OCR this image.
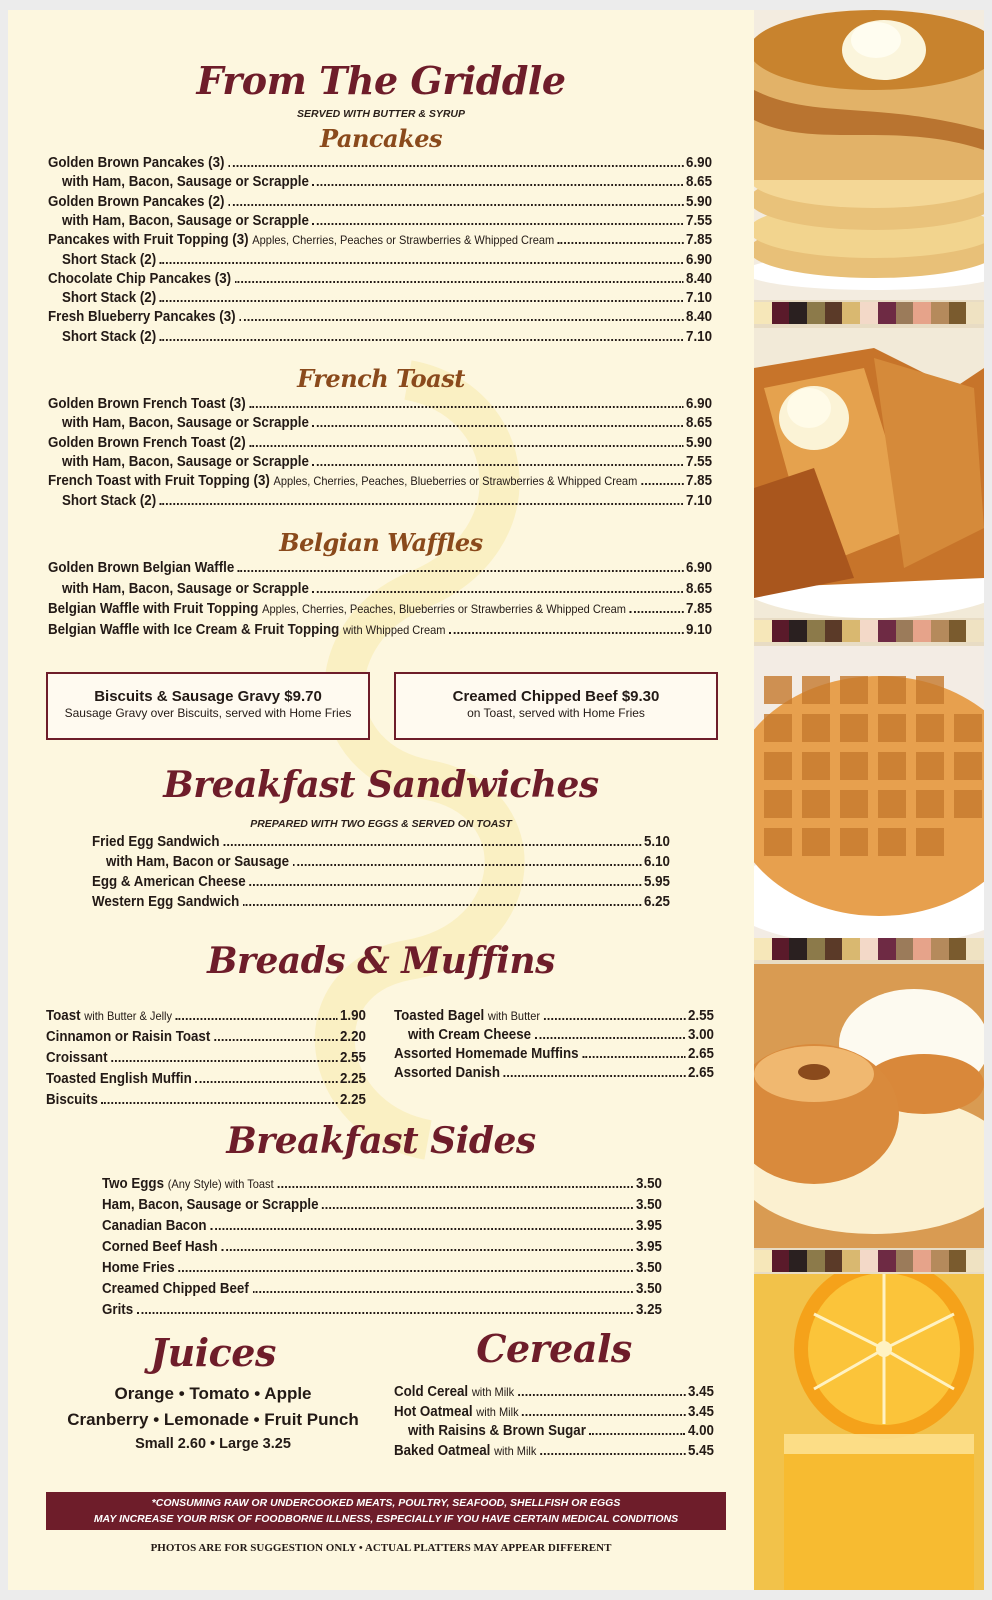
From The Griddle
SERVED WITH BUTTER & SYRUP
Pancakes
Golden Brown Pancakes (3)	6.90
with Ham, Bacon, Sausage or Scrapple	8.65
Golden Brown Pancakes (2)	5.90
with Ham, Bacon, Sausage or Scrapple	7.55
Pancakes with Fruit Topping (3) Apples, Cherries, Peaches or Strawberries & Whipped Cream	7.85
Short Stack (2)	6.90
Chocolate Chip Pancakes (3)	8.40
Short Stack (2)	7.10
Fresh Blueberry Pancakes (3)	8.40
Short Stack (2)	7.10
French Toast
Golden Brown French Toast (3)	6.90
with Ham, Bacon, Sausage or Scrapple	8.65
Golden Brown French Toast (2)	5.90
with Ham, Bacon, Sausage or Scrapple	7.55
French Toast with Fruit Topping (3) Apples, Cherries, Peaches, Blueberries or Strawberries & Whipped Cream	7.85
Short Stack (2)	7.10
Belgian Waffles
Golden Brown Belgian Waffle	6.90
with Ham, Bacon, Sausage or Scrapple	8.65
Belgian Waffle with Fruit Topping Apples, Cherries, Peaches, Blueberries or Strawberries & Whipped Cream	7.85
Belgian Waffle with Ice Cream & Fruit Topping with Whipped Cream	9.10
Biscuits & Sausage Gravy $9.70
Sausage Gravy over Biscuits, served with Home Fries
Creamed Chipped Beef $9.30
on Toast, served with Home Fries
Breakfast Sandwiches
PREPARED WITH TWO EGGS & SERVED ON TOAST
Fried Egg Sandwich	5.10
with Ham, Bacon or Sausage	6.10
Egg & American Cheese	5.95
Western Egg Sandwich	6.25
Breads & Muffins
Toast with Butter & Jelly	1.90
Cinnamon or Raisin Toast	2.20
Croissant	2.55
Toasted English Muffin	2.25
Biscuits	2.25
Toasted Bagel with Butter	2.55
with Cream Cheese	3.00
Assorted Homemade Muffins	2.65
Assorted Danish	2.65
Breakfast Sides
Two Eggs (Any Style) with Toast	3.50
Ham, Bacon, Sausage or Scrapple	3.50
Canadian Bacon	3.95
Corned Beef Hash	3.95
Home Fries	3.50
Creamed Chipped Beef	3.50
Grits	3.25
Juices
Orange • Tomato • Apple
Cranberry • Lemonade • Fruit Punch
Small 2.60 • Large 3.25
Cereals
Cold Cereal with Milk	3.45
Hot Oatmeal with Milk	3.45
with Raisins & Brown Sugar	4.00
Baked Oatmeal with Milk	5.45
*CONSUMING RAW OR UNDERCOOKED MEATS, POULTRY, SEAFOOD, SHELLFISH OR EGGS
MAY INCREASE YOUR RISK OF FOODBORNE ILLNESS, ESPECIALLY IF YOU HAVE CERTAIN MEDICAL CONDITIONS
PHOTOS ARE FOR SUGGESTION ONLY • ACTUAL PLATTERS MAY APPEAR DIFFERENT
